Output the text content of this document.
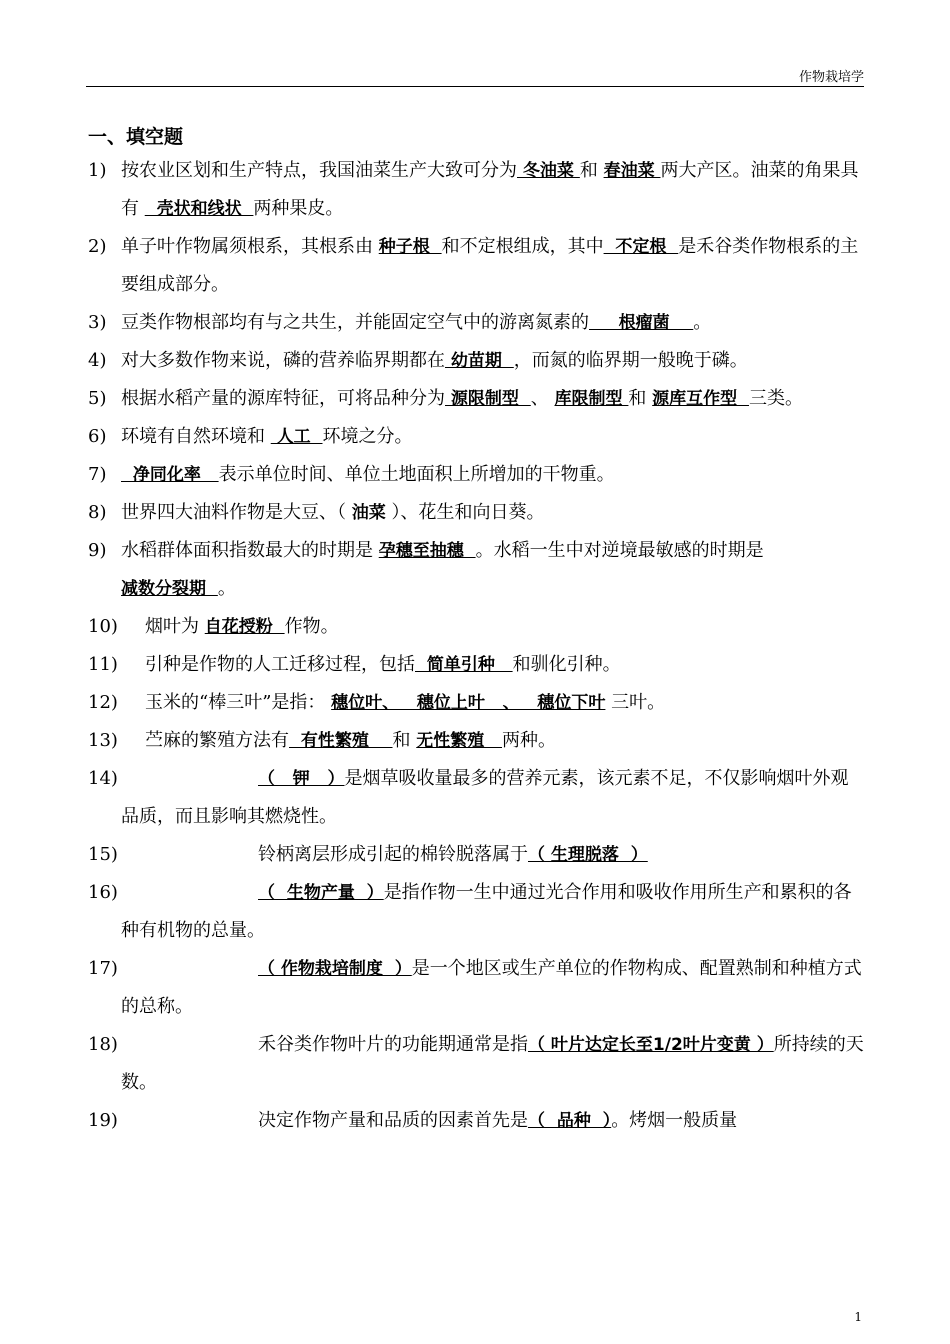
作物栽培学
一、填空题
1) 按农业区划和生产特点，我国油菜生产大致可分为 冬油菜 和 春油菜 两大产区。油菜的角果具有   壳状和线状  两种果皮。
2) 单子叶作物属须根系，其根系由 种子根  和不定根组成，其中  不定根  是禾谷类作物根系的主要组成部分。
3) 豆类作物根部均有与之共生，并能固定空气中的游离氮素的     根瘤菌    。
4) 对大多数作物来说，磷的营养临界期都在 幼苗期  ，而氮的临界期一般晚于磷。
5) 根据水稻产量的源库特征，可将品种分为 源限制型  、 库限制型 和 源库互作型  三类。
6) 环境有自然环境和  人工  环境之分。
7) 净同化率   表示单位时间、单位土地面积上所增加的干物重。
8) 世界四大油料作物是大豆、（ 油菜 ）、花生和向日葵。
9) 水稻群体面积指数最大的时期是 孕穗至抽穗  。水稻一生中对逆境最敏感的时期是 减数分裂期  。
10) 烟叶为 自花授粉  作物。
11) 引种是作物的人工迁移过程，包括  简单引种   和驯化引种。
12) 玉米的“棒三叶”是指： 穗位叶、   穗位上叶   、   穗位下叶 三叶。
13) 苎麻的繁殖方法有  有性繁殖    和 无性繁殖   两种。
14)	（   钾   ）是烟草吸收量最多的营养元素，该元素不足，不仅影响烟叶外观品质，而且影响其燃烧性。
15)	铃柄离层形成引起的棉铃脱落属于（ 生理脱落  ）
16)	（  生物产量  ）是指作物一生中通过光合作用和吸收作用所生产和累积的各种有机物的总量。
17)	（ 作物栽培制度  ）是一个地区或生产单位的作物构成、配置熟制和种植方式的总称。
18)	禾谷类作物叶片的功能期通常是指（ 叶片达定长至1/2叶片变黄 ）所持续的天数。
19)	决定作物产量和品质的因素首先是（  品种  ）。烤烟一般质量
1
